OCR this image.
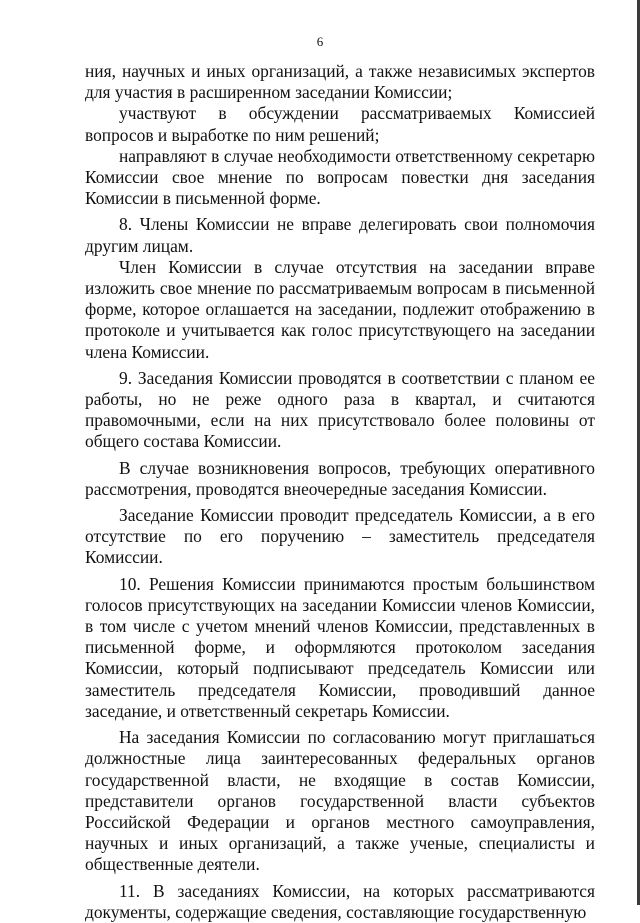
6

ния, научных и иных организаций, а также независимых экспертов для участия в расширенном заседании Комиссии;

участвуют в обсуждении рассматриваемых Комиссией вопросов и выработке по ним решений;

направляют в случае необходимости ответственному секретарю Комиссии свое мнение по вопросам повестки дня заседания Комиссии в письменной форме.

8. Члены Комиссии не вправе делегировать свои полномочия другим лицам.

Член Комиссии в случае отсутствия на заседании вправе изложить свое мнение по рассматриваемым вопросам в письменной форме, которое оглашается на заседании, подлежит отображению в протоколе и учитывается как голос присутствующего на заседании члена Комиссии.

9. Заседания Комиссии проводятся в соответствии с планом ее работы, но не реже одного раза в квартал, и считаются правомочными, если на них присутствовало более половины от общего состава Комиссии.

В случае возникновения вопросов, требующих оперативного рассмотрения, проводятся внеочередные заседания Комиссии.

Заседание Комиссии проводит председатель Комиссии, а в его отсутствие по его поручению – заместитель председателя Комиссии.

10. Решения Комиссии принимаются простым большинством голосов присутствующих на заседании Комиссии членов Комиссии, в том числе с учетом мнений членов Комиссии, представленных в письменной форме, и оформляются протоколом заседания Комиссии, который подписывают председатель Комиссии или заместитель председателя Комиссии, проводивший данное заседание, и ответственный секретарь Комиссии.

На заседания Комиссии по согласованию могут приглашаться должностные лица заинтересованных федеральных органов государственной власти, не входящие в состав Комиссии, представители органов государственной власти субъектов Российской Федерации и органов местного самоуправления, научных и иных организаций, а также ученые, специалисты и общественные деятели.

11. В заседаниях Комиссии, на которых рассматриваются документы, содержащие сведения, составляющие государственную
